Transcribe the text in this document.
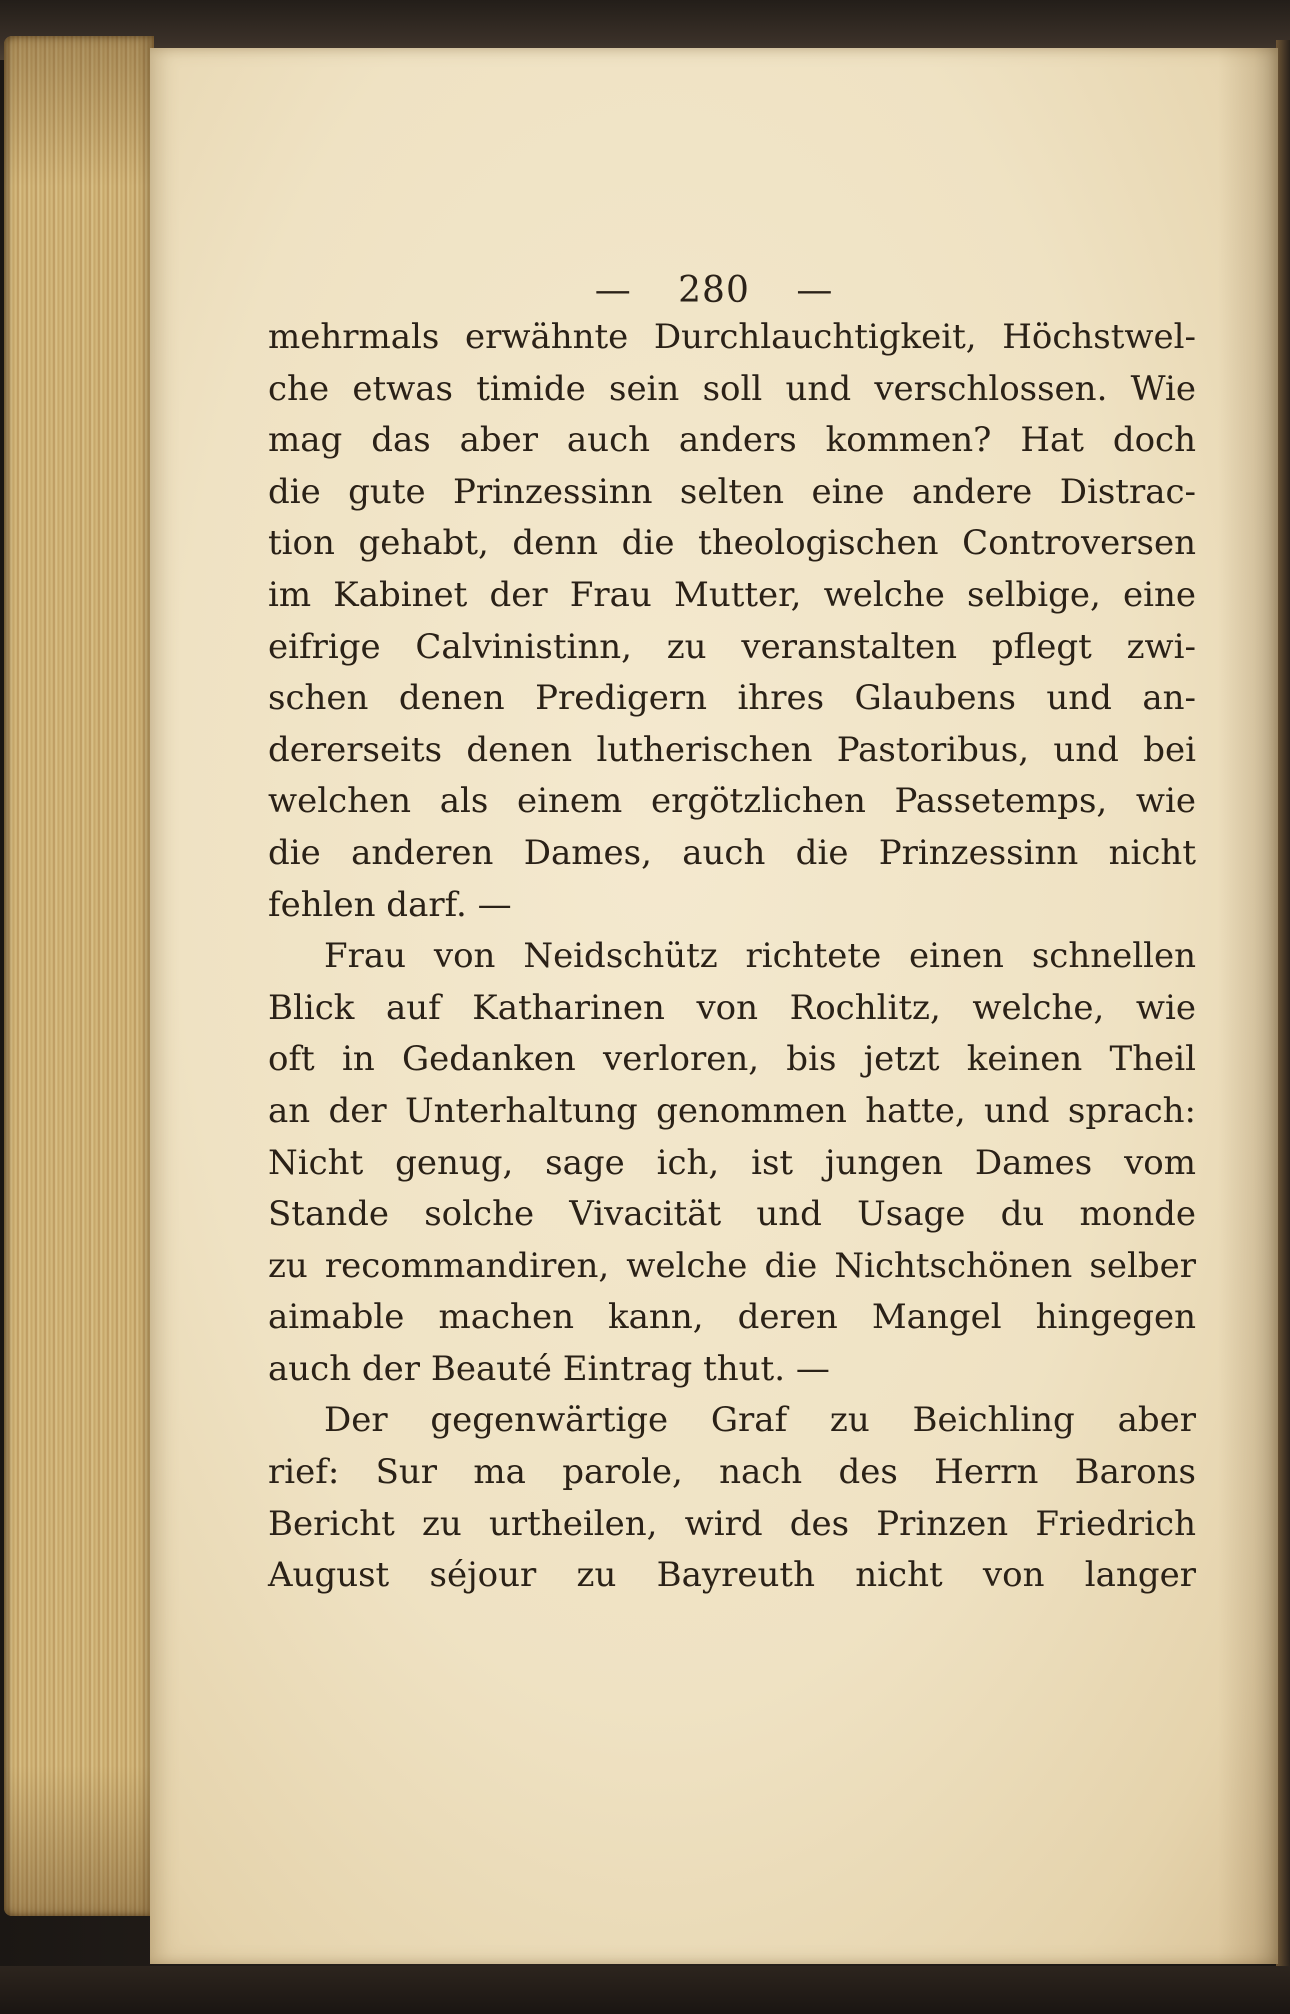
— 280 —
mehrmals erwähnte Durchlauchtigkeit, Höchstwel-
che etwas timide sein soll und verschlossen. Wie
mag das aber auch anders kommen? Hat doch
die gute Prinzessinn selten eine andere Distrac-
tion gehabt, denn die theologischen Controversen
im Kabinet der Frau Mutter, welche selbige, eine
eifrige Calvinistinn, zu veranstalten pflegt zwi-
schen denen Predigern ihres Glaubens und an-
dererseits denen lutherischen Pastoribus, und bei
welchen als einem ergötzlichen Passetemps, wie
die anderen Dames, auch die Prinzessinn nicht
fehlen darf. —
Frau von Neidschütz richtete einen schnellen
Blick auf Katharinen von Rochlitz, welche, wie
oft in Gedanken verloren, bis jetzt keinen Theil
an der Unterhaltung genommen hatte, und sprach:
Nicht genug, sage ich, ist jungen Dames vom
Stande solche Vivacität und Usage du monde
zu recommandiren, welche die Nichtschönen selber
aimable machen kann, deren Mangel hingegen
auch der Beauté Eintrag thut. —
Der gegenwärtige Graf zu Beichling aber
rief: Sur ma parole, nach des Herrn Barons
Bericht zu urtheilen, wird des Prinzen Friedrich
August séjour zu Bayreuth nicht von langer
